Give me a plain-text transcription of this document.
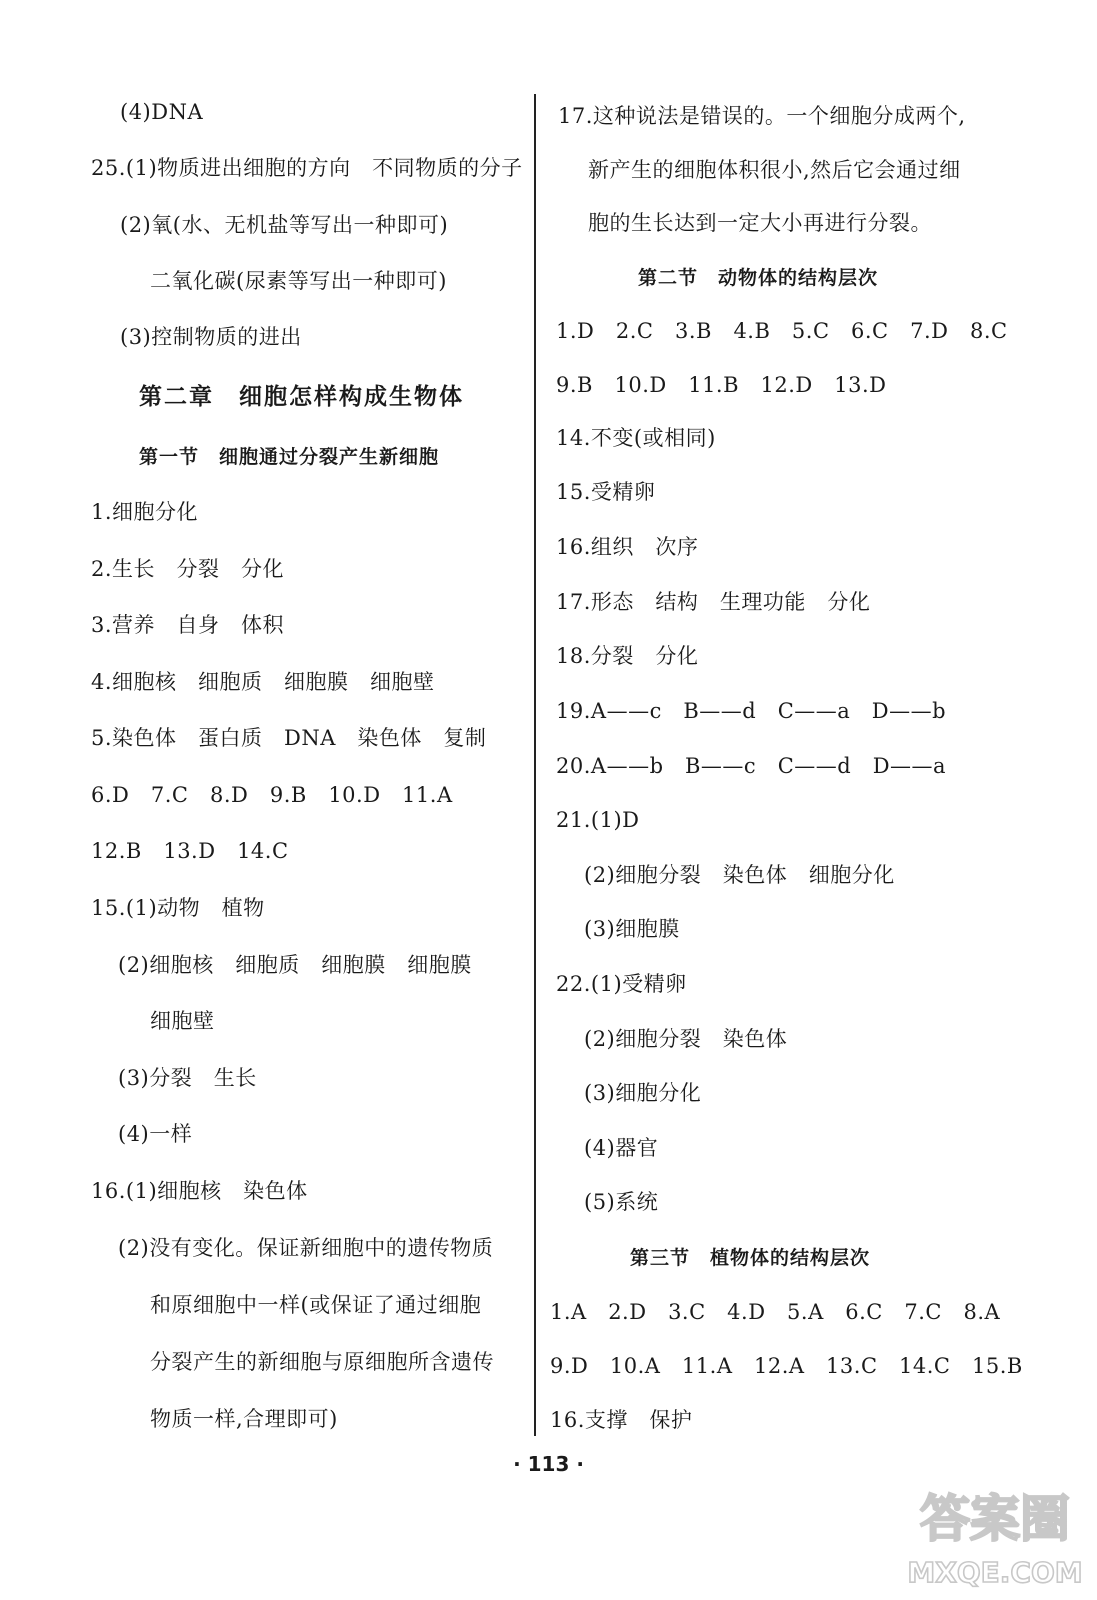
(4)DNA
25.(1)物质进出细胞的方向　不同物质的分子
(2)氧(水、无机盐等写出一种即可)
二氧化碳(尿素等写出一种即可)
(3)控制物质的进出
第二章　细胞怎样构成生物体
第一节　细胞通过分裂产生新细胞
1.细胞分化
2.生长　分裂　分化
3.营养　自身　体积
4.细胞核　细胞质　细胞膜　细胞壁
5.染色体　蛋白质　DNA　染色体　复制
6.D　7.C　8.D　9.B　10.D　11.A
12.B　13.D　14.C
15.(1)动物　植物
(2)细胞核　细胞质　细胞膜　细胞膜
细胞壁
(3)分裂　生长
(4)一样
16.(1)细胞核　染色体
(2)没有变化。保证新细胞中的遗传物质
和原细胞中一样(或保证了通过细胞
分裂产生的新细胞与原细胞所含遗传
物质一样,合理即可)
17.这种说法是错误的。一个细胞分成两个,
新产生的细胞体积很小,然后它会通过细
胞的生长达到一定大小再进行分裂。
第二节　动物体的结构层次
1.D　2.C　3.B　4.B　5.C　6.C　7.D　8.C
9.B　10.D　11.B　12.D　13.D
14.不变(或相同)
15.受精卵
16.组织　次序
17.形态　结构　生理功能　分化
18.分裂　分化
19.A——c　B——d　C——a　D——b
20.A——b　B——c　C——d　D——a
21.(1)D
(2)细胞分裂　染色体　细胞分化
(3)细胞膜
22.(1)受精卵
(2)细胞分裂　染色体
(3)细胞分化
(4)器官
(5)系统
第三节　植物体的结构层次
1.A　2.D　3.C　4.D　5.A　6.C　7.C　8.A
9.D　10.A　11.A　12.A　13.C　14.C　15.B
16.支撑　保护
· 113 ·
答案圈
MXQE.COM
